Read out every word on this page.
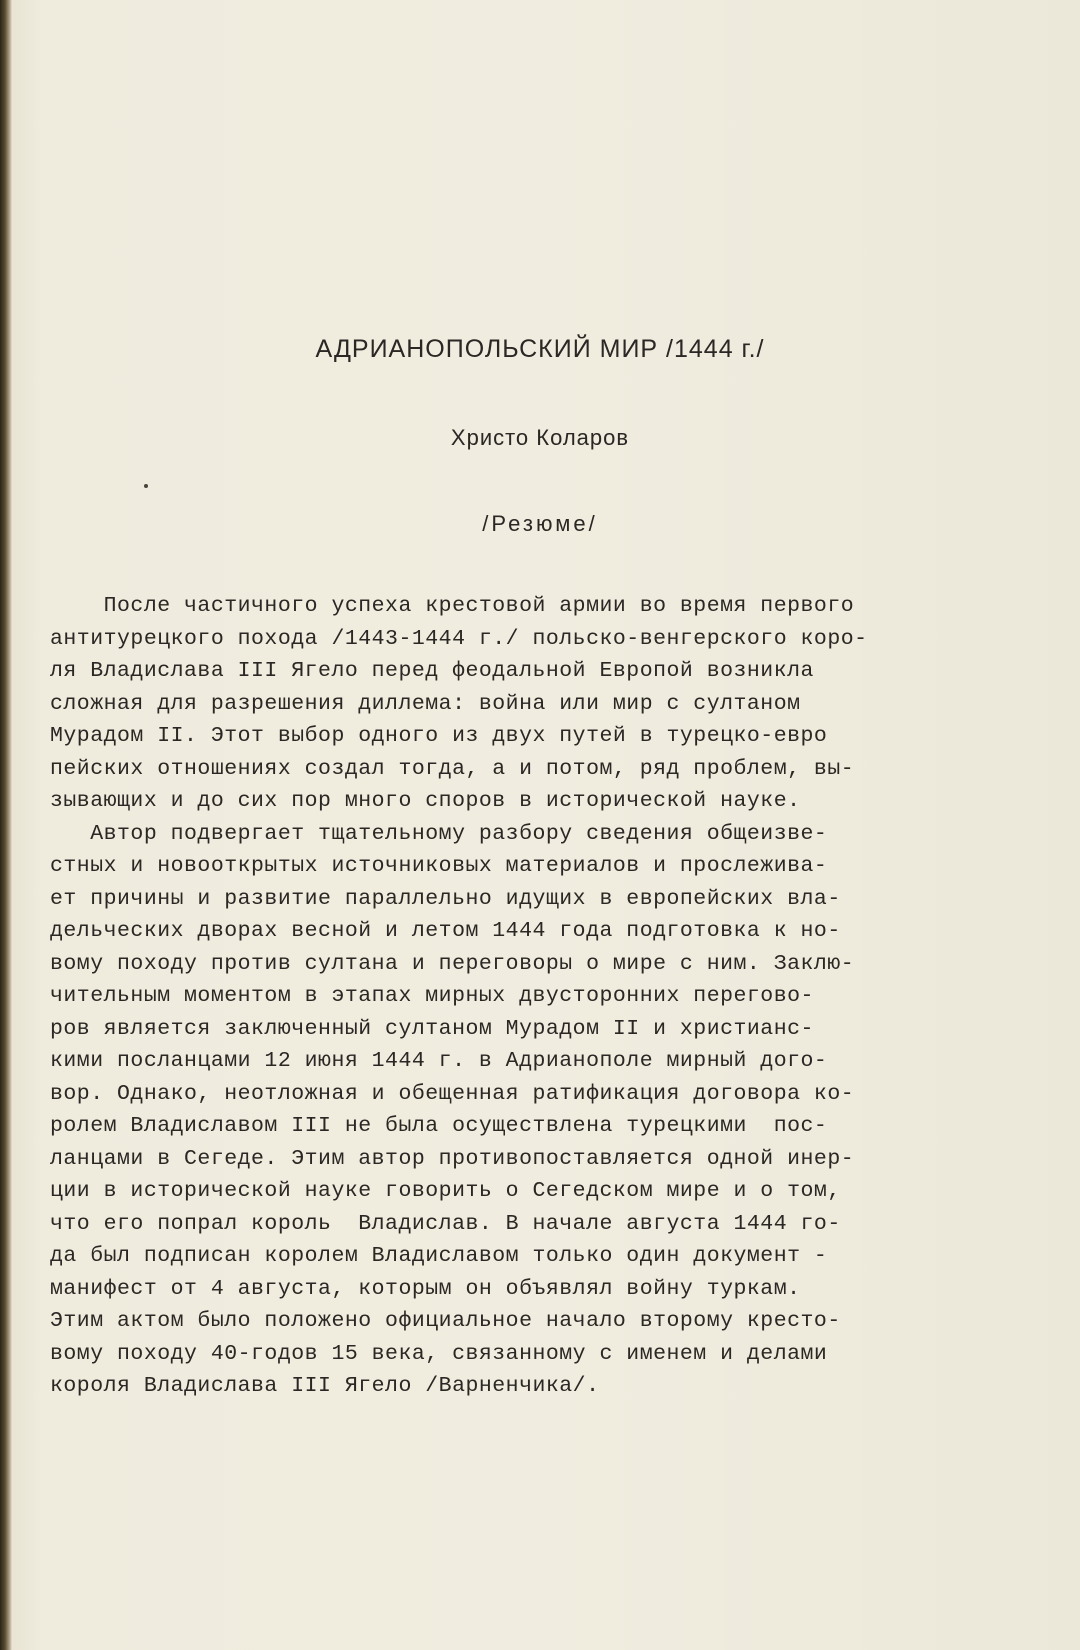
АДРИАНОПОЛЬСКИЙ МИР /1444 г./
Христо Коларов
/Резюме/
После частичного успеха крестовой армии во время первого
антитурецкого похода /1443-1444 г./ польско-венгерского коро-
ля Владислава III Ягело перед феодальной Европой возникла
сложная для разрешения диллема: война или мир с султаном
Мурадом II. Этот выбор одного из двух путей в турецко-евро
пейских отношениях создал тогда, а и потом, ряд проблем, вы-
зывающих и до сих пор много споров в исторической науке.
Автор подвергает тщательному разбору сведения общеизве-
стных и новооткрытых источниковых материалов и прослежива-
ет причины и развитие параллельно идущих в европейских вла-
дельческих дворах весной и летом 1444 года подготовка к но-
вому походу против султана и переговоры о мире с ним. Заклю-
чительным моментом в этапах мирных двусторонних перегово-
ров является заключенный султаном Мурадом II и христианс-
кими посланцами 12 июня 1444 г. в Адрианополе мирный дого-
вор. Однако, неотложная и обещенная ратификация договора ко-
ролем Владиславом III не была осуществлена турецкими  пос-
ланцами в Сегеде. Этим автор противопоставляется одной инер-
ции в исторической науке говорить о Сегедском мире и о том,
что его попрал король  Владислав. В начале августа 1444 го-
да был подписан королем Владиславом только один документ -
манифест от 4 августа, которым он объявлял войну туркам.
Этим актом было положено официальное начало второму кресто-
вому походу 40-годов 15 века, связанному с именем и делами
короля Владислава III Ягело /Варненчика/.
